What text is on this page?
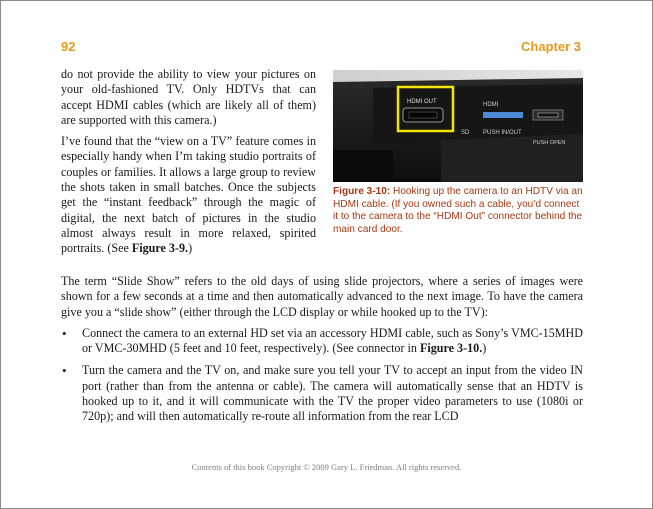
92	Chapter 3

do not provide the ability to view your pictures on your old-fashioned TV. Only HDTVs that can accept HDMI cables (which are likely all of them) are supported with this camera.)

I’ve found that the “view on a TV” feature comes in especially handy when I’m taking studio portraits of couples or families. It allows a large group to review the shots taken in small batches. Once the subjects get the “instant feedback” through the magic of digital, the next batch of pictures in the studio almost always result in more relaxed, spirited portraits. (See Figure 3-9.)

HDMI OUT	HDMI
SD PUSH IN/OUT
PUSH OPEN
Figure 3-10: Hooking up the camera to an HDTV via an HDMI cable. (If you owned such a cable, you’d connect it to the camera to the “HDMI Out” connector behind the main card door.

The term “Slide Show” refers to the old days of using slide projectors, where a series of images were shown for a few seconds at a time and then automatically advanced to the next image. To have the camera give you a “slide show” (either through the LCD display or while hooked up to the TV):

• Connect the camera to an external HD set via an accessory HDMI cable, such as Sony’s VMC-15MHD or VMC-30MHD (5 feet and 10 feet, respectively). (See connector in Figure 3-10.)
• Turn the camera and the TV on, and make sure you tell your TV to accept an input from the video IN port (rather than from the antenna or cable). The camera will automatically sense that an HDTV is hooked up to it, and it will communicate with the TV the proper video parameters to use (1080i or 720p); and will then automatically re-route all information from the rear LCD
Contents of this book Copyright © 2009 Gary L. Friedman. All rights reserved.
